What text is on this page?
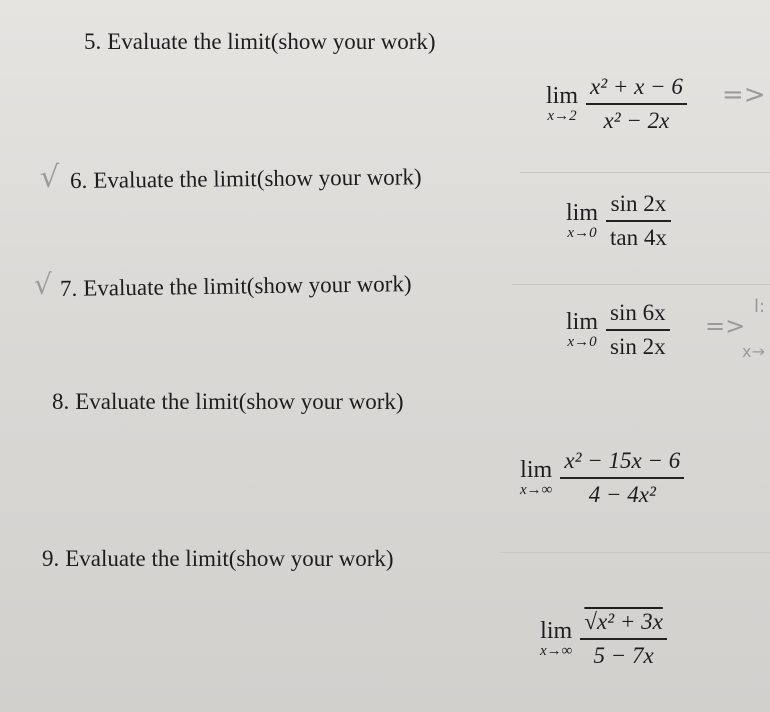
5. Evaluate the limit(show your work)
lim
$x\to 2 \frac{\text{x² + x − 6}}{\text{x² − 2x}}$ =>
√ 6. Evaluate the limit(show your work)
lim
$x\to 0 \frac{\sin 2x}{\tan 4x}$
√ 7. Evaluate the limit(show your work)
lim
$x\to 0 \frac{\sin 6x}{\sin 2x}$ =>
l:
x→
8. Evaluate the limit(show your work)
lim
$x\to\infty \frac{\text{x² − 15x − 6}}{\text{4 − 4x²}}$
9. Evaluate the limit(show your work)
lim
$x\to\infty \frac{\text{√x² + 3x}}{5 - 7x}$
